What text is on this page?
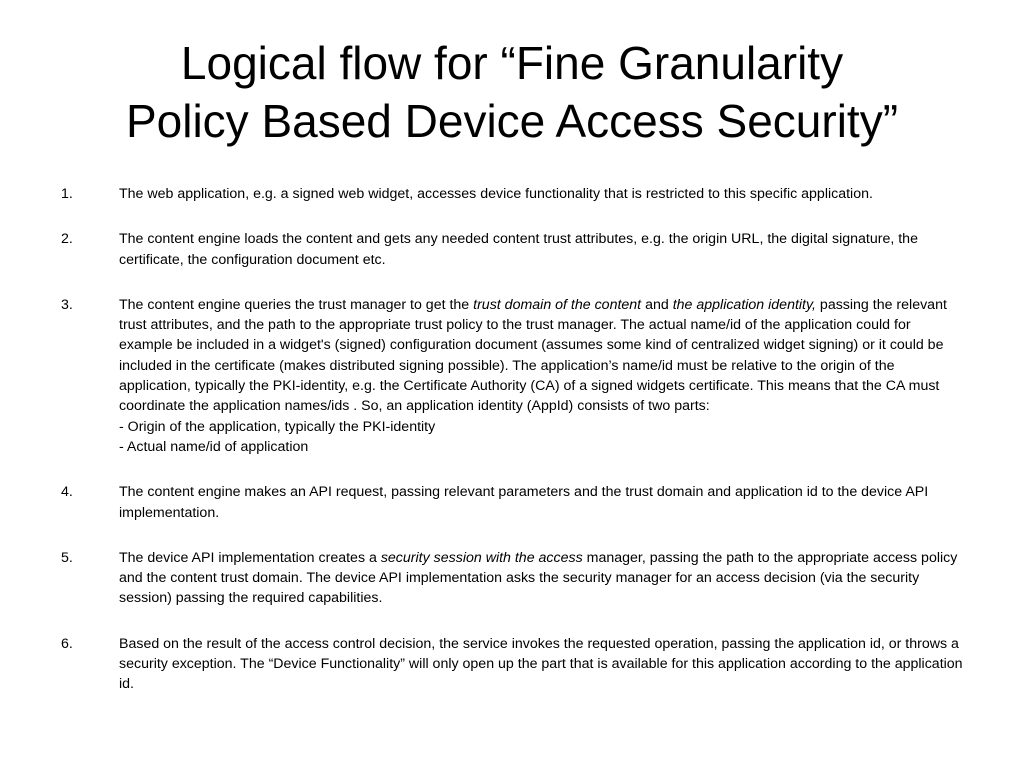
Logical flow for “Fine Granularity
Policy Based Device Access Security”
1.	The web application, e.g. a signed web widget, accesses device functionality that is restricted to this specific application.
2.	The content engine loads the content and gets any needed content trust attributes, e.g. the origin URL, the digital signature, the certificate, the configuration document etc.
3.	The content engine queries the trust manager to get the trust domain of the content and the application identity, passing the relevant trust attributes, and the path to the appropriate trust policy to the trust manager. The actual name/id of the application could for example be included in a widget's (signed) configuration document (assumes some kind of centralized widget signing) or it could be included in the certificate (makes distributed signing possible). The application’s name/id must be relative to the origin of the application, typically the PKI-identity, e.g. the Certificate Authority (CA) of a signed widgets certificate. This means that the CA must coordinate the application names/ids . So, an application identity (AppId) consists of two parts:
- Origin of the application, typically the PKI-identity
- Actual name/id of application
4.	The content engine makes an API request, passing relevant parameters and the trust domain and application id to the device API implementation.
5.	The device API implementation creates a security session with the access manager, passing the path to the appropriate access policy and the content trust domain. The device API implementation asks the security manager for an access decision (via the security session) passing the required capabilities.
6.	Based on the result of the access control decision, the service invokes the requested operation, passing the application id, or throws a security exception. The “Device Functionality” will only open up the part that is available for this application according to the application id.
